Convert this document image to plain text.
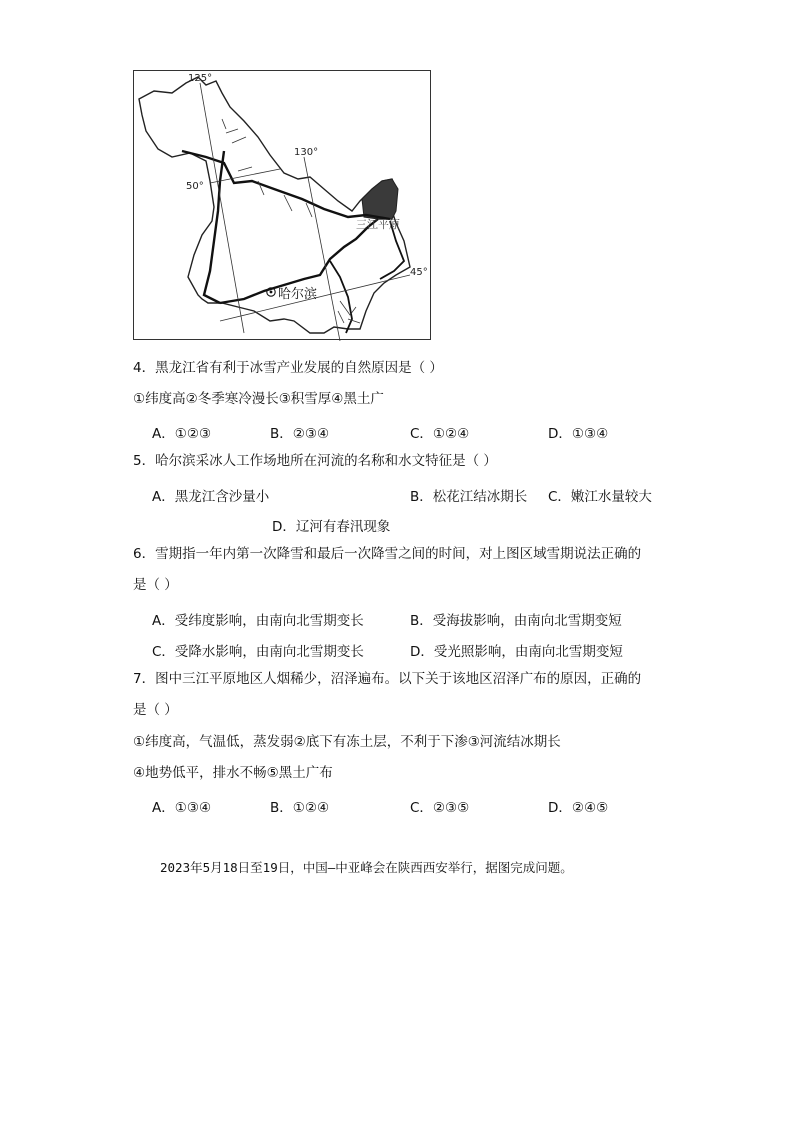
125°
130°
50°
45°
哈尔滨
三江平原
4．黑龙江省有利于冰雪产业发展的自然原因是（ ）
①纬度高②冬季寒冷漫长③积雪厚④黑土广
A．①②③	B．②③④	C．①②④	D．①③④
5．哈尔滨采冰人工作场地所在河流的名称和水文特征是（ ）
A．黑龙江含沙量小	B．松花江结冰期长 C．嫩江水量较大
D．辽河有春汛现象
6．雪期指一年内第一次降雪和最后一次降雪之间的时间，对上图区域雪期说法正确的
是（ ）
A．受纬度影响，由南向北雪期变长	B．受海拔影响，由南向北雪期变短
C．受降水影响，由南向北雪期变长	D．受光照影响，由南向北雪期变短
7．图中三江平原地区人烟稀少，沼泽遍布。以下关于该地区沼泽广布的原因，正确的
是（ ）
①纬度高，气温低，蒸发弱②底下有冻土层，不利于下渗③河流结冰期长
④地势低平，排水不畅⑤黑土广布
A．①③④	B．①②④	C．②③⑤	D．②④⑤
2023年5月18日至19日，中国—中亚峰会在陕西西安举行，据图完成问题。
